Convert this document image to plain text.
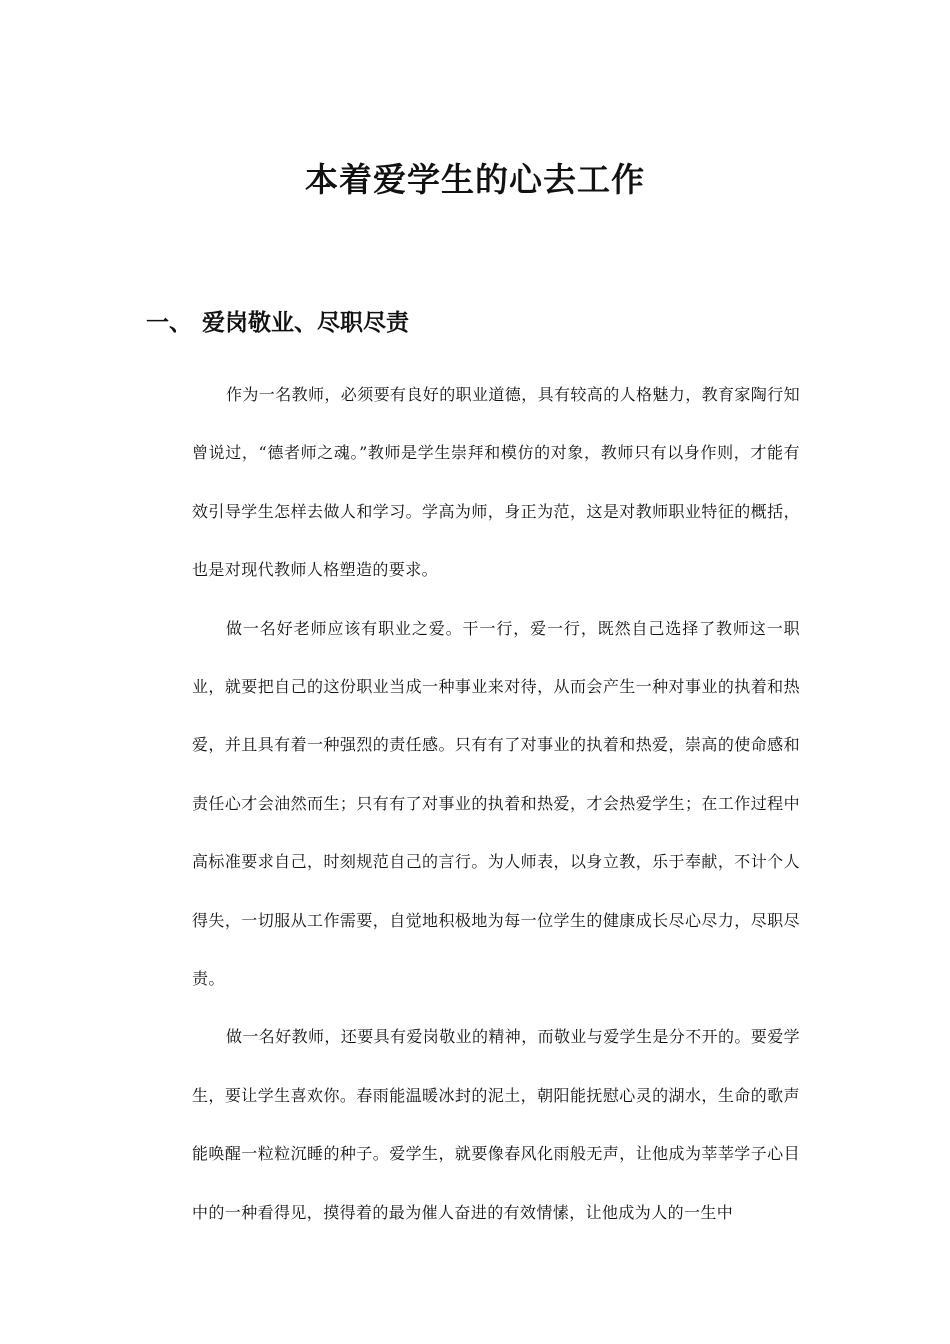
本着爱学生的心去工作
一、 爱岗敬业、尽职尽责

作为一名教师，必须要有良好的职业道德，具有较高的人格魅力，教育家陶行知曾说过，“德者师之魂。”教师是学生崇拜和模仿的对象，教师只有以身作则，才能有效引导学生怎样去做人和学习。学高为师，身正为范，这是对教师职业特征的概括，也是对现代教师人格塑造的要求。

做一名好老师应该有职业之爱。干一行，爱一行，既然自己选择了教师这一职业，就要把自己的这份职业当成一种事业来对待，从而会产生一种对事业的执着和热爱，并且具有着一种强烈的责任感。只有有了对事业的执着和热爱，崇高的使命感和责任心才会油然而生；只有有了对事业的执着和热爱，才会热爱学生；在工作过程中高标准要求自己，时刻规范自己的言行。为人师表，以身立教，乐于奉献，不计个人得失，一切服从工作需要，自觉地积极地为每一位学生的健康成长尽心尽力，尽职尽责。

做一名好教师，还要具有爱岗敬业的精神，而敬业与爱学生是分不开的。要爱学生，要让学生喜欢你。春雨能温暖冰封的泥土，朝阳能抚慰心灵的湖水，生命的歌声能唤醒一粒粒沉睡的种子。爱学生，就要像春风化雨般无声，让他成为莘莘学子心目中的一种看得见，摸得着的最为催人奋进的有效情愫，让他成为人的一生中
